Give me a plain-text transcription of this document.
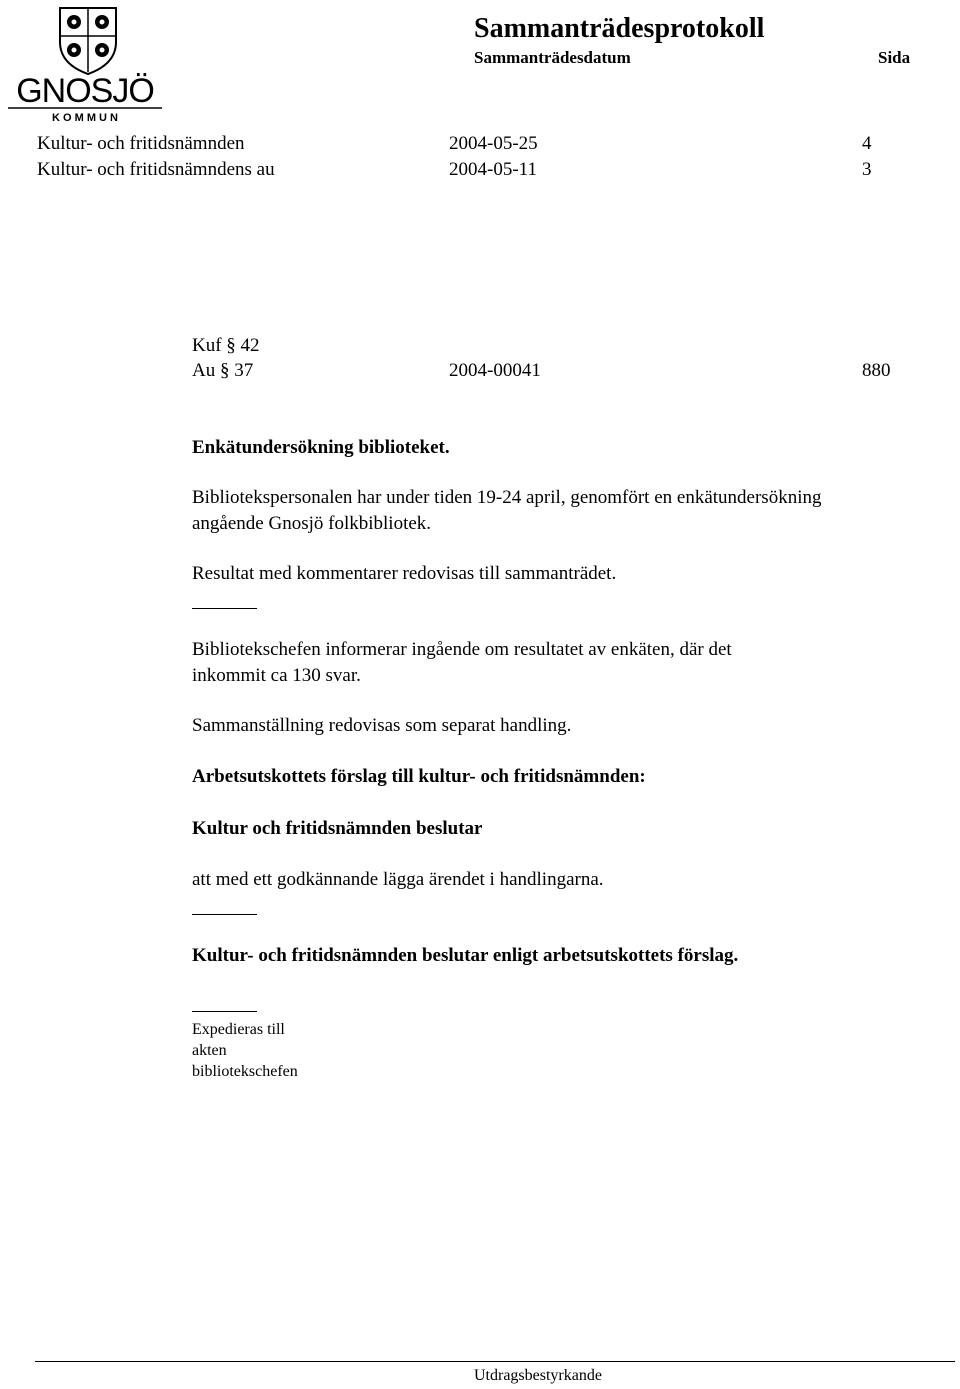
GNOSJÖ
K O M M U N
Sammanträdesprotokoll
Sammanträdesdatum	Sida
Kultur- och fritidsnämnden	2004-05-25	4
Kultur- och fritidsnämndens au	2004-05-11	3
Kuf § 42
Au § 37	2004-00041	880
Enkätundersökning biblioteket.
Bibliotekspersonalen har under tiden 19-24 april, genomfört en enkätundersökning
angående Gnosjö folkbibliotek.
Resultat med kommentarer redovisas till sammanträdet.
Bibliotekschefen informerar ingående om resultatet av enkäten, där det
inkommit ca 130 svar.
Sammanställning redovisas som separat handling.
Arbetsutskottets förslag till kultur- och fritidsnämnden:
Kultur och fritidsnämnden beslutar
att med ett godkännande lägga ärendet i handlingarna.
Kultur- och fritidsnämnden beslutar enligt arbetsutskottets förslag.
Expedieras till
akten
bibliotekschefen
Utdragsbestyrkande
